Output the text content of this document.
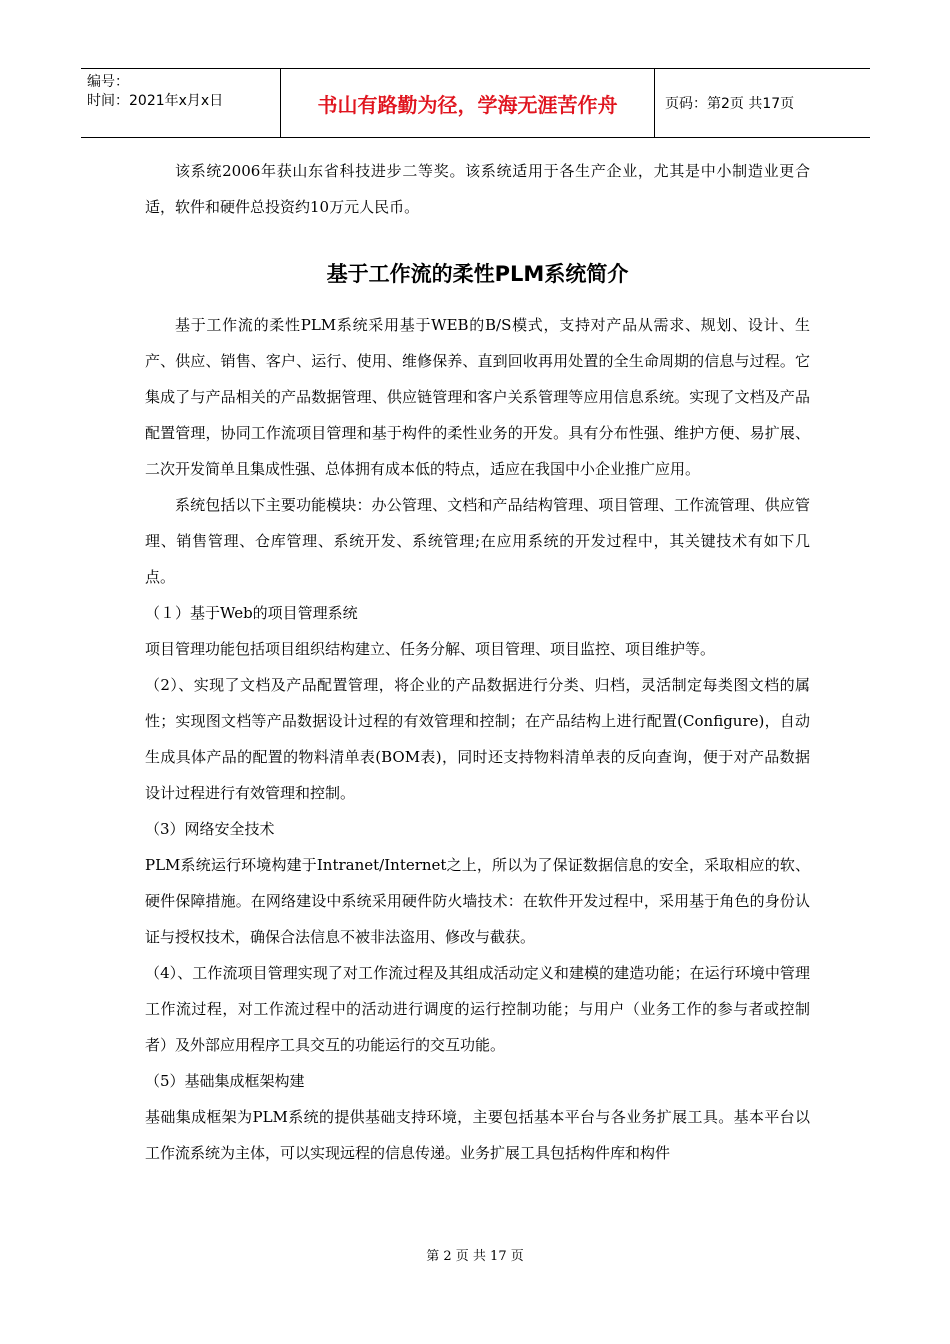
编号：
时间：2021年x月x日	书山有路勤为径，学海无涯苦作舟	页码：第2页 共17页

该系统2006年获山东省科技进步二等奖。该系统适用于各生产企业，尤其是中小制造业更合适，软件和硬件总投资约10万元人民币。

基于工作流的柔性PLM系统简介

基于工作流的柔性PLM系统采用基于WEB的B/S模式，支持对产品从需求、规划、设计、生产、供应、销售、客户、运行、使用、维修保养、直到回收再用处置的全生命周期的信息与过程。它集成了与产品相关的产品数据管理、供应链管理和客户关系管理等应用信息系统。实现了文档及产品配置管理，协同工作流项目管理和基于构件的柔性业务的开发。具有分布性强、维护方便、易扩展、二次开发简单且集成性强、总体拥有成本低的特点，适应在我国中小企业推广应用。

系统包括以下主要功能模块：办公管理、文档和产品结构管理、项目管理、工作流管理、供应管理、销售管理、仓库管理、系统开发、系统管理;在应用系统的开发过程中，其关键技术有如下几点。

（１）基于Web的项目管理系统

项目管理功能包括项目组织结构建立、任务分解、项目管理、项目监控、项目维护等。

（2）、实现了文档及产品配置管理，将企业的产品数据进行分类、归档，灵活制定每类图文档的属性；实现图文档等产品数据设计过程的有效管理和控制；在产品结构上进行配置(Configure)，自动生成具体产品的配置的物料清单表(BOM表)，同时还支持物料清单表的反向查询，便于对产品数据设计过程进行有效管理和控制。

（3）网络安全技术

PLM系统运行环境构建于Intranet/Internet之上，所以为了保证数据信息的安全，采取相应的软、硬件保障措施。在网络建设中系统采用硬件防火墙技术：在软件开发过程中，采用基于角色的身份认证与授权技术，确保合法信息不被非法盗用、修改与截获。

（4）、工作流项目管理实现了对工作流过程及其组成活动定义和建模的建造功能；在运行环境中管理工作流过程，对工作流过程中的活动进行调度的运行控制功能；与用户（业务工作的参与者或控制者）及外部应用程序工具交互的功能运行的交互功能。

（5）基础集成框架构建

基础集成框架为PLM系统的提供基础支持环境，主要包括基本平台与各业务扩展工具。基本平台以工作流系统为主体，可以实现远程的信息传递。业务扩展工具包括构件库和构件

第 2 页 共 17 页
